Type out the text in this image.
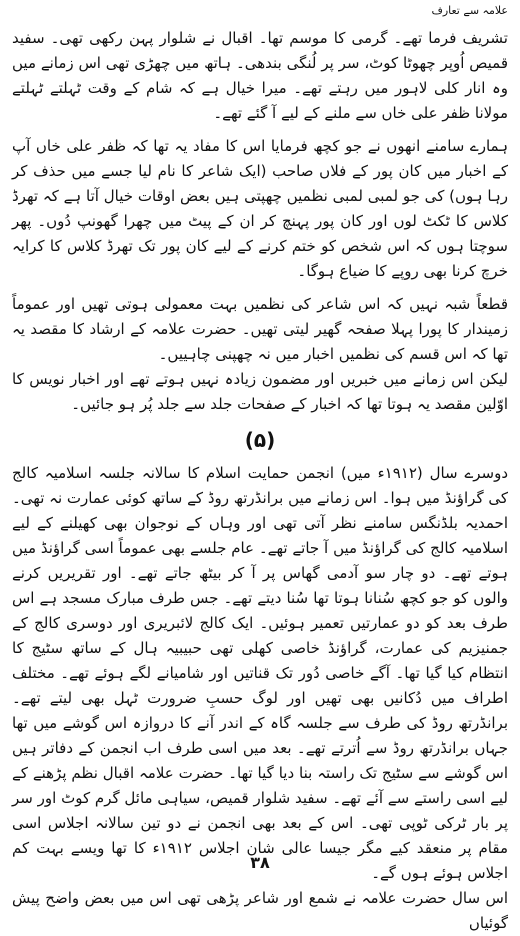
علامہ سے تعارف

تشریف فرما تھے۔ گرمی کا موسم تھا۔ اقبال نے شلوار پہن رکھی تھی۔ سفید قمیص اُوپر چھوٹا کوٹ، سر پر لُنگی بندھی۔ ہاتھ میں چھڑی تھی اس زمانے میں وہ انار کلی لاہور میں رہتے تھے۔ میرا خیال ہے کہ شام کے وقت ٹہلتے ٹہلتے مولانا ظفر علی خاں سے ملنے کے لیے آ گئے تھے۔

ہمارے سامنے انھوں نے جو کچھ فرمایا اس کا مفاد یہ تھا کہ ظفر علی خاں آپ کے اخبار میں کان پور کے فلاں صاحب (ایک شاعر کا نام لیا جسے میں حذف کر رہا ہوں) کی جو لمبی لمبی نظمیں چھپتی ہیں بعض اوقات خیال آتا ہے کہ تھرڈ کلاس کا ٹکٹ لوں اور کان پور پہنچ کر ان کے پیٹ میں چھرا گھونپ دُوں۔ پھر سوچتا ہوں کہ اس شخص کو ختم کرنے کے لیے کان پور تک تھرڈ کلاس کا کرایہ خرچ کرنا بھی روپے کا ضیاع ہوگا۔

قطعاً شبہ نہیں کہ اس شاعر کی نظمیں بہت معمولی ہوتی تھیں اور عموماً زمیندار کا پورا پہلا صفحہ گھیر لیتی تھیں۔ حضرت علامہ کے ارشاد کا مقصد یہ تھا کہ اس قسم کی نظمیں اخبار میں نہ چھپنی چاہییں۔

لیکن اس زمانے میں خبریں اور مضمون زیادہ نہیں ہوتے تھے اور اخبار نویس کا اوّلین مقصد یہ ہوتا تھا کہ اخبار کے صفحات جلد سے جلد پُر ہو جائیں۔

(۵)

دوسرے سال (۱۹۱۲ء میں) انجمن حمایت اسلام کا سالانہ جلسہ اسلامیہ کالج کی گراؤنڈ میں ہوا۔ اس زمانے میں برانڈرتھ روڈ کے ساتھ کوئی عمارت نہ تھی۔ احمدیہ بلڈنگس سامنے نظر آتی تھی اور وہاں کے نوجوان بھی کھیلنے کے لیے اسلامیہ کالج کی گراؤنڈ میں آ جاتے تھے۔ عام جلسے بھی عموماً اسی گراؤنڈ میں ہوتے تھے۔ دو چار سو آدمی گھاس پر آ کر بیٹھ جاتے تھے۔ اور تقریریں کرنے والوں کو جو کچھ سُنانا ہوتا تھا سُنا دیتے تھے۔ جس طرف مبارک مسجد ہے اس طرف بعد کو دو عمارتیں تعمیر ہوئیں۔ ایک کالج لائبریری اور دوسری کالج کے جمنیزیم کی عمارت، گراؤنڈ خاصی کھلی تھی حبیبیہ ہال کے ساتھ سٹیج کا انتظام کیا گیا تھا۔ آگے خاصی دُور تک قناتیں اور شامیانے لگے ہوئے تھے۔ مختلف اطراف میں دُکانیں بھی تھیں اور لوگ حسبِ ضرورت ٹہل بھی لیتے تھے۔ برانڈرتھ روڈ کی طرف سے جلسہ گاہ کے اندر آنے کا دروازہ اس گوشے میں تھا جہاں برانڈرتھ روڈ سے اُترتے تھے۔ بعد میں اسی طرف اب انجمن کے دفاتر ہیں اس گوشے سے سٹیج تک راستہ بنا دیا گیا تھا۔ حضرت علامہ اقبال نظم پڑھنے کے لیے اسی راستے سے آئے تھے۔ سفید شلوار قمیص، سیاہی مائل گرم کوٹ اور سر پر بار ٹرکی ٹوپی تھی۔ اس کے بعد بھی انجمن نے دو تین سالانہ اجلاس اسی مقام پر منعقد کیے مگر جیسا عالی شان اجلاس ۱۹۱۲ء کا تھا ویسے بہت کم اجلاس ہوئے ہوں گے۔

اس سال حضرت علامہ نے شمع اور شاعر پڑھی تھی اس میں بعض واضح پیش گوئیاں

۳۸
